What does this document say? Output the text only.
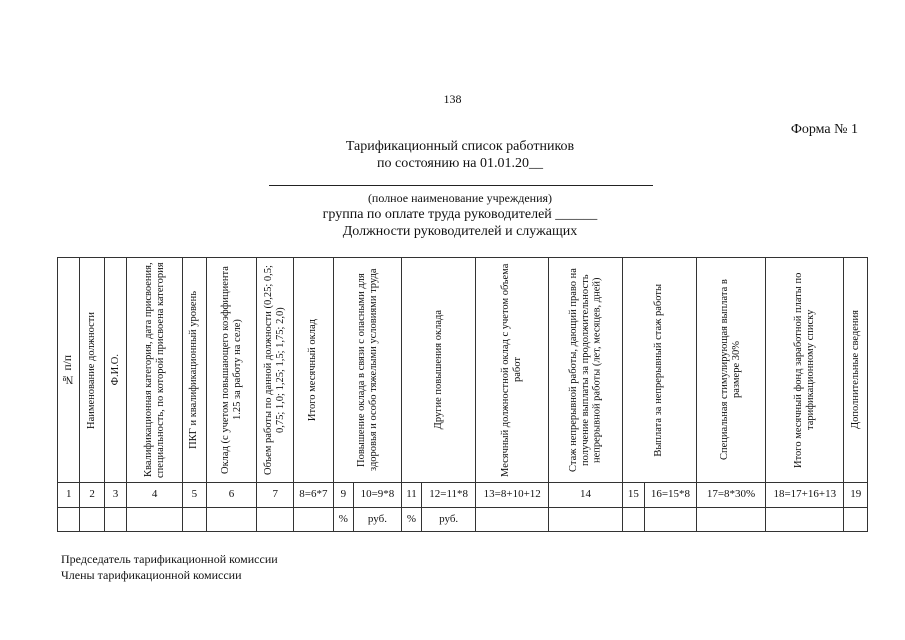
138
Форма № 1
Тарификационный список работников
по состоянию на 01.01.20__
(полное наименование учреждения)
группа по оплате труда руководителей ______
Должности руководителей и служащих
№ п/п	Наименование должности	Ф.И.О.	Квалификационная категория, дата присвоения, специальность, по которой присвоена категория	ПКГ и квалификационный уровень	Оклад (с учетом повышающего коэффициента 1.25 за работу на селе)	Объем работы по данной должности (0,25; 0,5; 0,75; 1,0; 1,25; 1,5; 1,75; 2,0)	Итого месячный оклад	Повышение оклада в связи с опасными для здоровья и особо тяжелыми условиями труда		Другие повышения оклада		Месячный должностной оклад с учетом объема работ	Стаж непрерывной работы, дающий право на получение выплаты за продолжительность непрерывной работы (лет, месяцев, дней)	Выплата за непрерывный стаж работы		Специальная стимулирующая выплата в размере 30%	Итого месячный фонд заработной платы по тарификационному списку	Дополнительные сведения

1	2	3	4	5	6	7	8=6*7	9	10=9*8	11	12=11*8	13=8+10+12	14	15	16=15*8	17=8*30%	18=17+16+13	19
								%	руб.	%	руб.							
Председатель тарификационной комиссии
Члены тарификационной комиссии
